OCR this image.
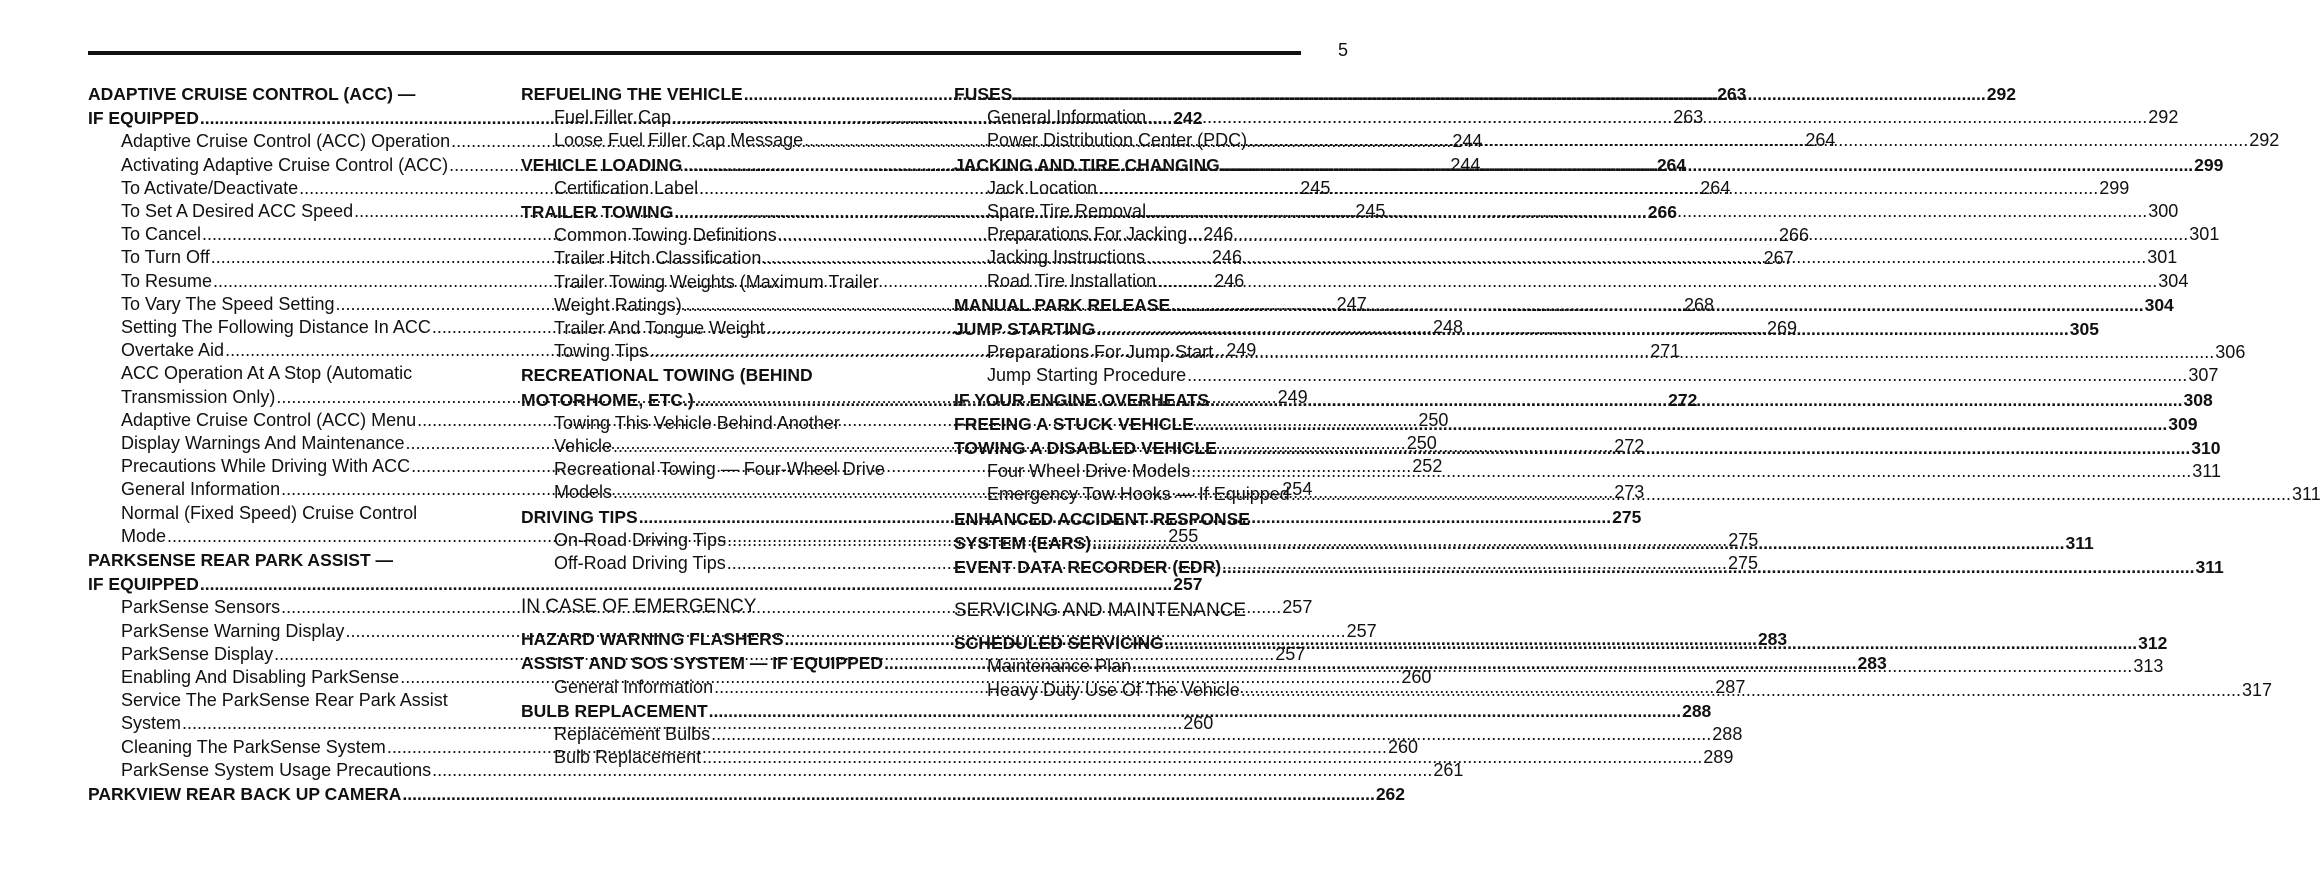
5
ADAPTIVE CRUISE CONTROL (ACC) —
IF EQUIPPED .....	242
Adaptive Cruise Control (ACC) Operation .....	244
Activating Adaptive Cruise Control (ACC) .....	244
To Activate/Deactivate .....	245
To Set A Desired ACC Speed .....	245
To Cancel .....	246
To Turn Off .....	246
To Resume .....	246
To Vary The Speed Setting .....	247
Setting The Following Distance In ACC .....	248
Overtake Aid .....	249
ACC Operation At A Stop (Automatic
Transmission Only) .....	249
Adaptive Cruise Control (ACC) Menu .....	250
Display Warnings And Maintenance .....	250
Precautions While Driving With ACC .....	252
General Information .....	254
Normal (Fixed Speed) Cruise Control
Mode .....	255
PARKSENSE REAR PARK ASSIST —
IF EQUIPPED .....	257
ParkSense Sensors .....	257
ParkSense Warning Display .....	257
ParkSense Display .....	257
Enabling And Disabling ParkSense .....	260
Service The ParkSense Rear Park Assist
System .....	260
Cleaning The ParkSense System .....	260
ParkSense System Usage Precautions .....	261
PARKVIEW REAR BACK UP CAMERA .....	262
REFUELING THE VEHICLE .....	263
Fuel Filler Cap .....	263
Loose Fuel Filler Cap Message .....	264
VEHICLE LOADING .....	264
Certification Label .....	264
TRAILER TOWING .....	266
Common Towing Definitions .....	266
Trailer Hitch Classification .....	267
Trailer Towing Weights (Maximum Trailer
Weight Ratings) .....	268
Trailer And Tongue Weight .....	269
Towing Tips .....	271
RECREATIONAL TOWING (BEHIND
MOTORHOME, ETC.) .....	272
Towing This Vehicle Behind Another
Vehicle .....	272
Recreational Towing — Four-Wheel Drive
Models .....	273
DRIVING TIPS .....	275
On-Road Driving Tips .....	275
Off-Road Driving Tips .....	275
IN CASE OF EMERGENCY
HAZARD WARNING FLASHERS .....	283
ASSIST AND SOS SYSTEM — IF EQUIPPED .....	283
General Information .....	287
BULB REPLACEMENT .....	288
Replacement Bulbs .....	288
Bulb Replacement .....	289
FUSES .....	292
General Information .....	292
Power Distribution Center (PDC) .....	292
JACKING AND TIRE CHANGING .....	299
Jack Location .....	299
Spare Tire Removal .....	300
Preparations For Jacking .....	301
Jacking Instructions .....	301
Road Tire Installation .....	304
MANUAL PARK RELEASE .....	304
JUMP STARTING .....	305
Preparations For Jump Start .....	306
Jump Starting Procedure .....	307
IF YOUR ENGINE OVERHEATS .....	308
FREEING A STUCK VEHICLE .....	309
TOWING A DISABLED VEHICLE .....	310
Four Wheel Drive Models .....	311
Emergency Tow Hooks — If Equipped .....	311
ENHANCED ACCIDENT RESPONSE
SYSTEM (EARS) .....	311
EVENT DATA RECORDER (EDR) .....	311
SERVICING AND MAINTENANCE
SCHEDULED SERVICING .....	312
Maintenance Plan .....	313
Heavy Duty Use Of The Vehicle .....	317
